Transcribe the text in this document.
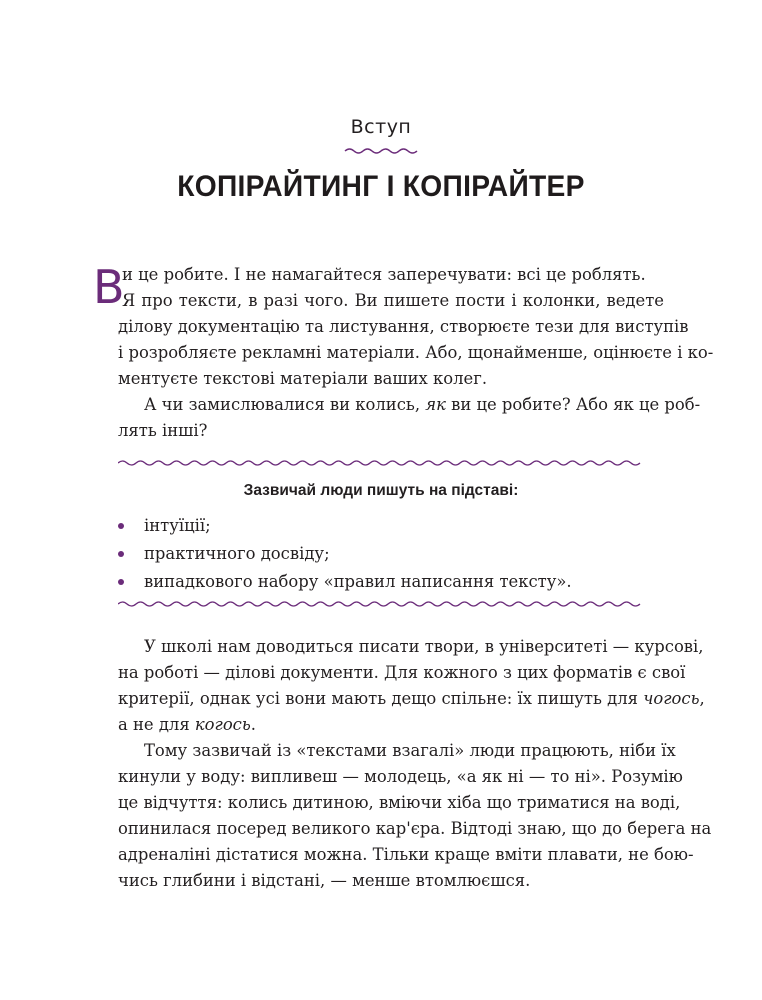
Вступ
КОПІРАЙТИНГ І КОПІРАЙТЕР
В
и це робите. І не намагайтеся заперечувати: всі це роблять.
Я про тексти, в разі чого. Ви пишете пости і колонки, ведете
ділову документацію та листування, створюєте тези для виступів
і розробляєте рекламні матеріали. Або, щонайменше, оцінюєте і ко-
ментуєте текстові матеріали ваших колег.
А чи замислювалися ви колись, як ви це робите? Або як це роб-
лять інші?
Зазвичай люди пишуть на підставі:
інтуїції;
практичного досвіду;
випадкового набору «правил написання тексту».
У школі нам доводиться писати твори, в університеті — курсові,
на роботі — ділові документи. Для кожного з цих форматів є свої
критерії, однак усі вони мають дещо спільне: їх пишуть для чогось,
а не для когось.
Тому зазвичай із «текстами взагалі» люди працюють, ніби їх
кинули у воду: випливеш — молодець, «а як ні — то ні». Розумію
це відчуття: колись дитиною, вміючи хіба що триматися на воді,
опинилася посеред великого кар'єра. Відтоді знаю, що до берега на
адреналіні дістатися можна. Тільки краще вміти плавати, не бою-
чись глибини і відстані, — менше втомлюєшся.
